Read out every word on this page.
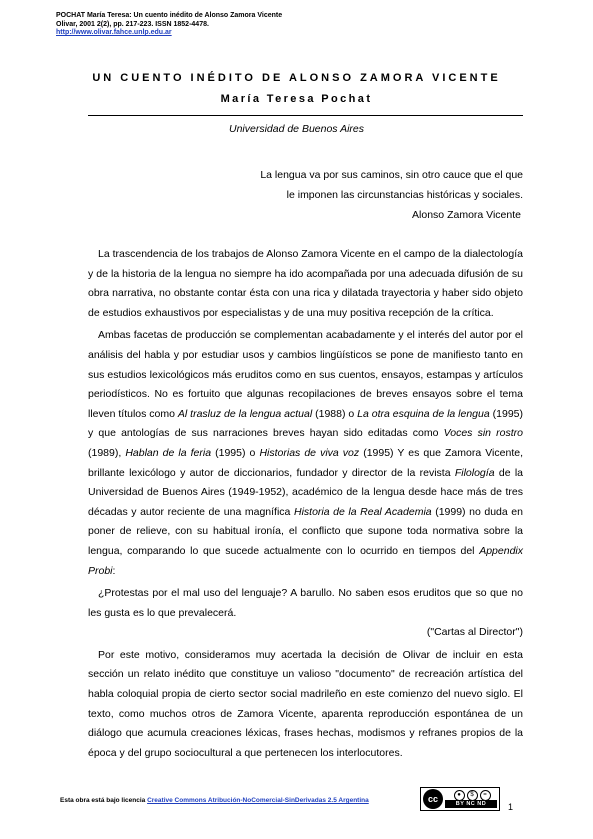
POCHAT María Teresa: Un cuento inédito de Alonso Zamora Vicente
Olivar, 2001 2(2), pp. 217-223. ISSN 1852-4478.
http://www.olivar.fahce.unlp.edu.ar
UN CUENTO INÉDITO DE ALONSO ZAMORA VICENTE
María Teresa Pochat
Universidad de Buenos Aires
La lengua va por sus caminos, sin otro cauce que el que
le imponen las circunstancias históricas y sociales.
Alonso Zamora Vicente

La trascendencia de los trabajos de Alonso Zamora Vicente en el campo de la dialectología y de la historia de la lengua no siempre ha ido acompañada por una adecuada difusión de su obra narrativa, no obstante contar ésta con una rica y dilatada trayectoria y haber sido objeto de estudios exhaustivos por especialistas y de una muy positiva recepción de la crítica.

Ambas facetas de producción se complementan acabadamente y el interés del autor por el análisis del habla y por estudiar usos y cambios lingüísticos se pone de manifiesto tanto en sus estudios lexicológicos más eruditos como en sus cuentos, ensayos, estampas y artículos periodísticos. No es fortuito que algunas recopilaciones de breves ensayos sobre el tema lleven títulos como Al trasluz de la lengua actual (1988) o La otra esquina de la lengua (1995) y que antologías de sus narraciones breves hayan sido editadas como Voces sin rostro (1989), Hablan de la feria (1995) o Historias de viva voz (1995) Y es que Zamora Vicente, brillante lexicólogo y autor de diccionarios, fundador y director de la revista Filología de la Universidad de Buenos Aires (1949-1952), académico de la lengua desde hace más de tres décadas y autor reciente de una magnífica Historia de la Real Academia (1999) no duda en poner de relieve, con su habitual ironía, el conflicto que supone toda normativa sobre la lengua, comparando lo que sucede actualmente con lo ocurrido en tiempos del Appendix Probi:

¿Protestas por el mal uso del lenguaje? A barullo. No saben esos eruditos que so que no les gusta es lo que prevalecerá.

("Cartas al Director")

Por este motivo, consideramos muy acertada la decisión de Olivar de incluir en esta sección un relato inédito que constituye un valioso "documento" de recreación artística del habla coloquial propia de cierto sector social madrileño en este comienzo del nuevo siglo. El texto, como muchos otros de Zamora Vicente, aparenta reproducción espontánea de un diálogo que acumula creaciones léxicas, frases hechas, modismos y refranes propios de la época y del grupo sociocultural a que pertenecen los interlocutores.

Esta obra está bajo licencia Creative Commons Atribución-NoComercial-SinDerivadas 2.5 Argentina	cc	●	$	=
BY NC ND	1
